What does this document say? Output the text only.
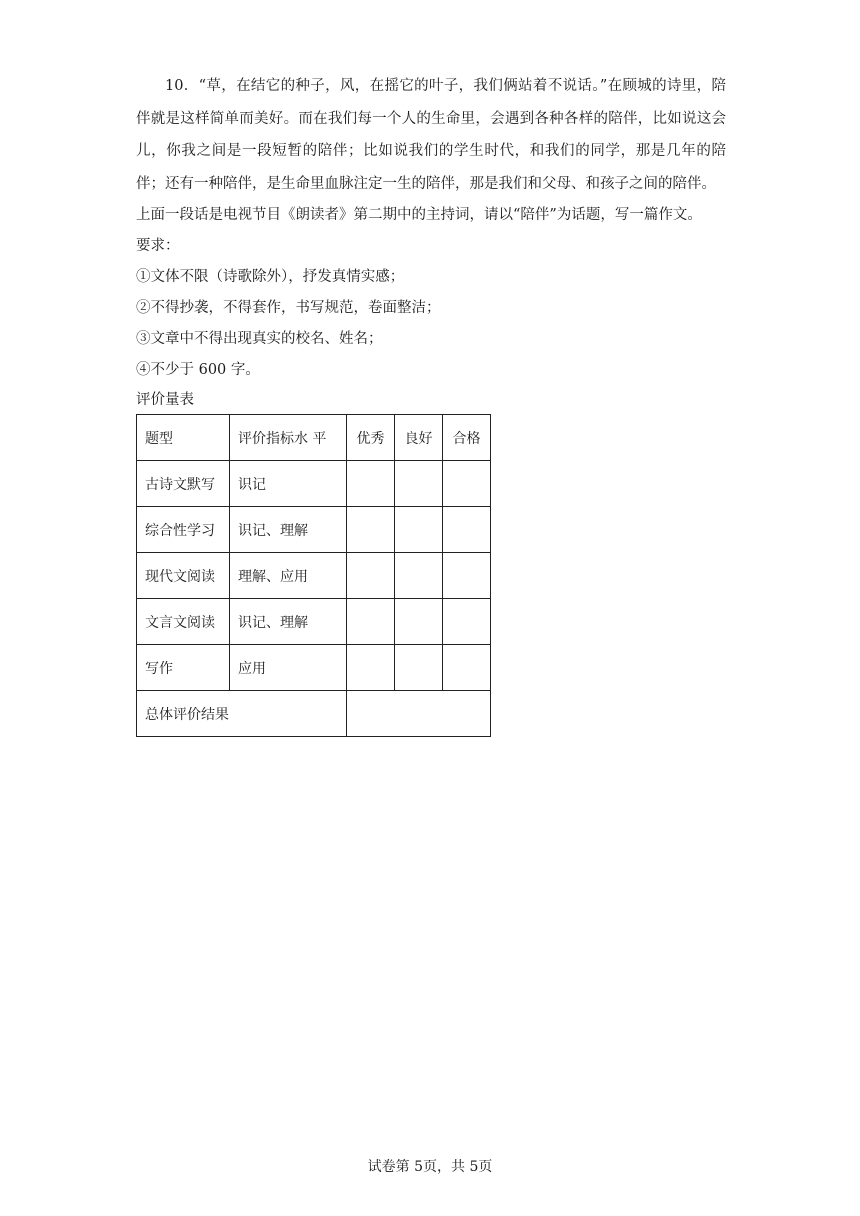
10．“草，在结它的种子，风，在摇它的叶子，我们俩站着不说话。”在顾城的诗里，陪伴就是这样简单而美好。而在我们每一个人的生命里，会遇到各种各样的陪伴，比如说这会儿，你我之间是一段短暂的陪伴；比如说我们的学生时代，和我们的同学，那是几年的陪伴；还有一种陪伴，是生命里血脉注定一生的陪伴，那是我们和父母、和孩子之间的陪伴。

上面一段话是电视节目《朗读者》第二期中的主持词，请以“陪伴”为话题，写一篇作文。

要求：

①文体不限（诗歌除外），抒发真情实感；

②不得抄袭，不得套作，书写规范，卷面整洁；

③文章中不得出现真实的校名、姓名；

④不少于 600 字。

评价量表

题型	评价指标水 平	优秀	良好	合格
古诗文默写	识记			
综合性学习	识记、理解			
现代文阅读	理解、应用			
文言文阅读	识记、理解			
写作	应用			
总体评价结果				
试卷第 5页，共 5页
